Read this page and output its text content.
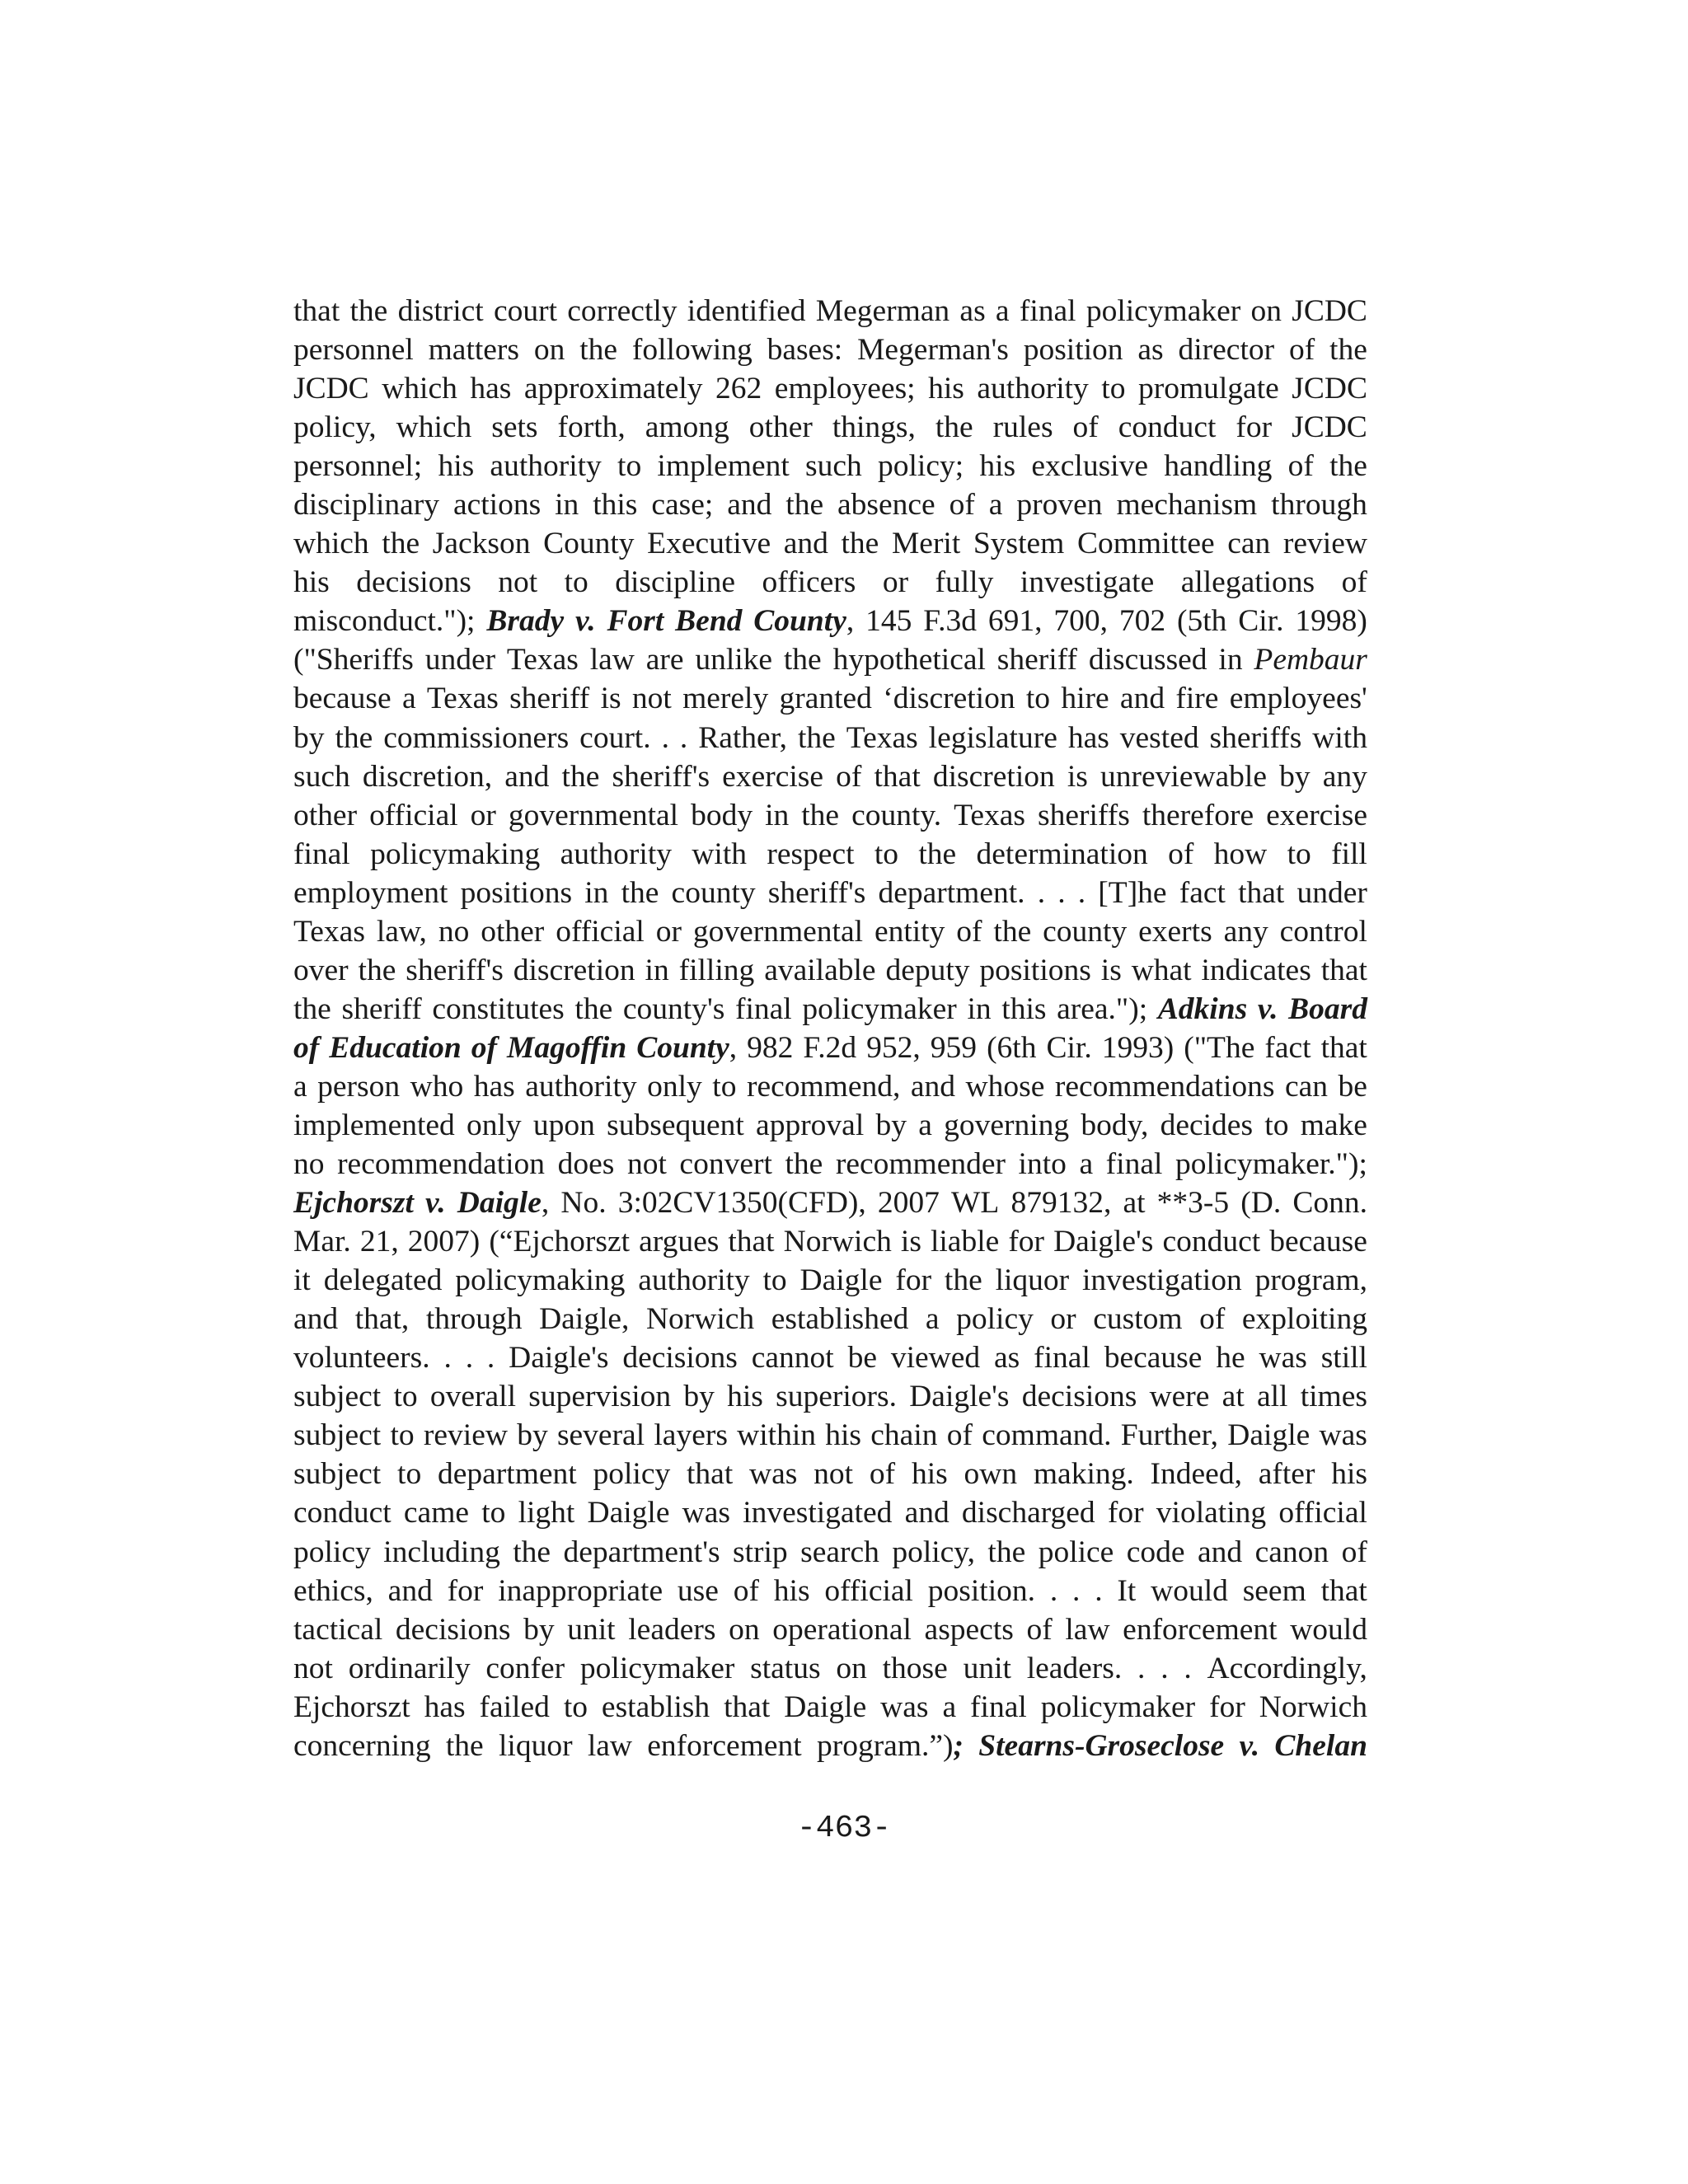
that the district court correctly identified Megerman as a final policymaker on JCDC
personnel matters on the following bases: Megerman's position as director of the
JCDC which has approximately 262 employees; his authority to promulgate JCDC
policy, which sets forth, among other things, the rules of conduct for JCDC
personnel; his authority to implement such policy; his exclusive handling of the
disciplinary actions in this case; and the absence of a proven mechanism through
which the Jackson County Executive and the Merit System Committee can review
his decisions not to discipline officers or fully investigate allegations of
misconduct."); Brady v. Fort Bend County, 145 F.3d 691, 700, 702 (5th Cir. 1998)
("Sheriffs under Texas law are unlike the hypothetical sheriff discussed in Pembaur
because a Texas sheriff is not merely granted ‘discretion to hire and fire employees'
by the commissioners court. . . Rather, the Texas legislature has vested sheriffs with
such discretion, and the sheriff's exercise of that discretion is unreviewable by any
other official or governmental body in the county. Texas sheriffs therefore exercise
final policymaking authority with respect to the determination of how to fill
employment positions in the county sheriff's department. . . . [T]he fact that under
Texas law, no other official or governmental entity of the county exerts any control
over the sheriff's discretion in filling available deputy positions is what indicates that
the sheriff constitutes the county's final policymaker in this area."); Adkins v. Board
of Education of Magoffin County, 982 F.2d 952, 959 (6th Cir. 1993) ("The fact that
a person who has authority only to recommend, and whose recommendations can be
implemented only upon subsequent approval by a governing body, decides to make
no recommendation does not convert the recommender into a final policymaker.");
Ejchorszt v. Daigle, No. 3:02CV1350(CFD), 2007 WL 879132, at **3-5 (D. Conn.
Mar. 21, 2007) (“Ejchorszt argues that Norwich is liable for Daigle's conduct because
it delegated policymaking authority to Daigle for the liquor investigation program,
and that, through Daigle, Norwich established a policy or custom of exploiting
volunteers. . . . Daigle's decisions cannot be viewed as final because he was still
subject to overall supervision by his superiors. Daigle's decisions were at all times
subject to review by several layers within his chain of command. Further, Daigle was
subject to department policy that was not of his own making. Indeed, after his
conduct came to light Daigle was investigated and discharged for violating official
policy including the department's strip search policy, the police code and canon of
ethics, and for inappropriate use of his official position. . . . It would seem that
tactical decisions by unit leaders on operational aspects of law enforcement would
not ordinarily confer policymaker status on those unit leaders. . . . Accordingly,
Ejchorszt has failed to establish that Daigle was a final policymaker for Norwich
concerning the liquor law enforcement program.”); Stearns-Groseclose v. Chelan
-463-
